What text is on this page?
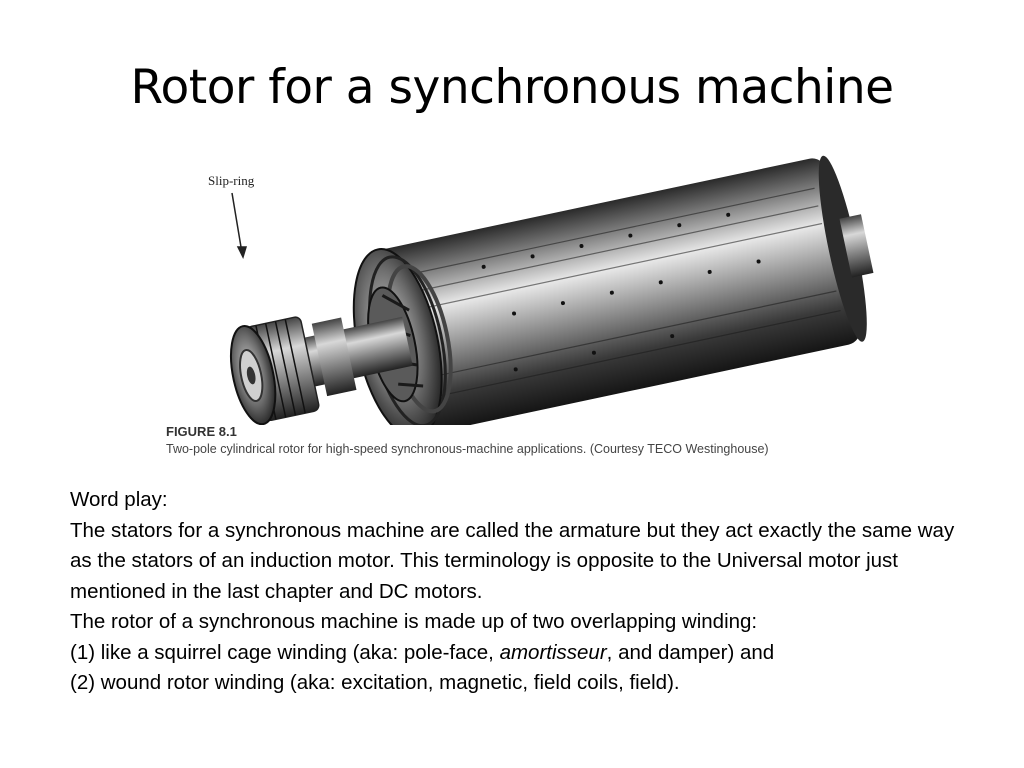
Rotor for a synchronous machine
Slip-ring
FIGURE 8.1
Two-pole cylindrical rotor for high-speed synchronous-machine applications. (Courtesy TECO Westinghouse)

Word play:

The stators for a synchronous machine are called the armature but they act exactly the same way as the stators of an induction motor. This terminology is opposite to the Universal motor just mentioned in the last chapter and DC motors.

The rotor of a synchronous machine is made up of two overlapping winding:

(1) like a squirrel cage winding (aka: pole-face, amortisseur, and damper) and

(2) wound rotor winding (aka: excitation, magnetic, field coils, field).
